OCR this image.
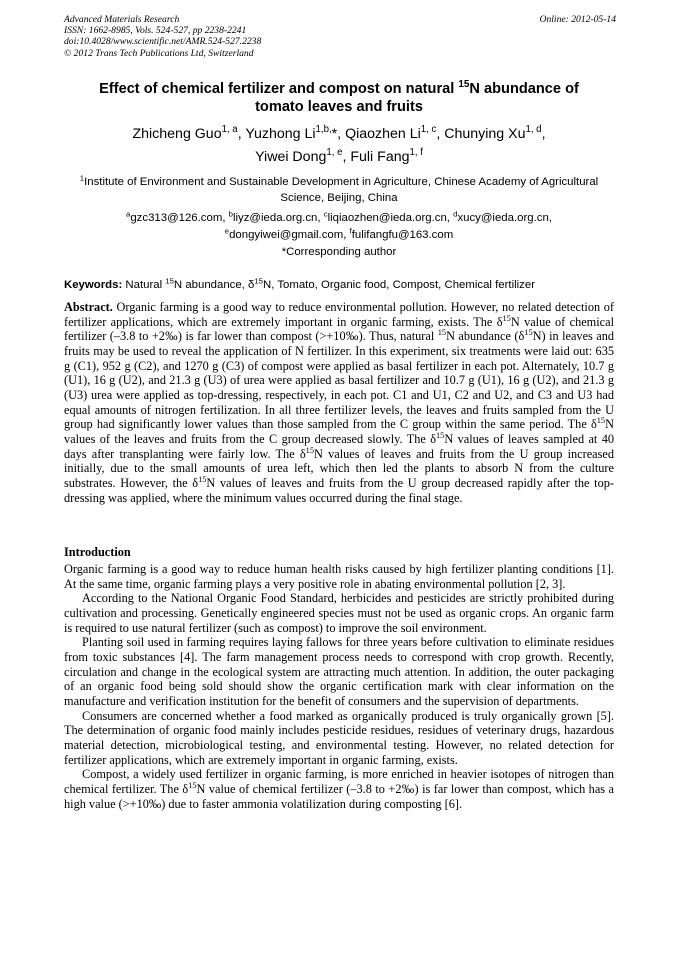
Advanced Materials Research
ISSN: 1662-8985, Vols. 524-527, pp 2238-2241
doi:10.4028/www.scientific.net/AMR.524-527.2238
© 2012 Trans Tech Publications Ltd, Switzerland
Online: 2012-05-14
Effect of chemical fertilizer and compost on natural $^{15}$N abundance of
tomato leaves and fruits
Zhicheng Guo$^{1, a}$, Yuzhong $Li^{1,b,}*$, Qiaozhen Li$^{1, c}$, Chunying Xu$^{1, d}$,
Yiwei Dong$^{1, e}$, Fuli Fang$^{1, f}$
$^1$Institute of Environment and Sustainable Development in Agriculture, Chinese Academy of Agricultural Science, Beijing, China
$^a$gzc313@126.com, $^b$liyz@ieda.org.cn, $^c$liqiaozhen@ieda.org.cn, $^d$xucy@ieda.org.cn,
$^e$dongyiwei@gmail.com, $^f$fulifangfu@163.com
*Corresponding author
Keywords: Natural $^{15}$N abundance, $\delta^{15}N$, Tomato, Organic food, Compost, Chemical fertilizer

Abstract. Organic farming is a good way to reduce environmental pollution. However, no related detection of fertilizer applications, which are extremely important in organic farming, exists. The $\delta^{15}N$ value of chemical fertilizer (–3.8 to +2‰) is far lower than compost (>+10‰). Thus, natural $^{15}$N abundance $(\delta^{15}N)$ in leaves and fruits may be used to reveal the application of N fertilizer. In this experiment, six treatments were laid out: 635 g (C1), 952 g (C2), and 1270 g (C3) of compost were applied as basal fertilizer in each pot. Alternately, 10.7 g (U1), 16 g (U2), and 21.3 g (U3) of urea were applied as basal fertilizer and 10.7 g (U1), 16 g (U2), and 21.3 g (U3) urea were applied as top-dressing, respectively, in each pot. C1 and U1, C2 and U2, and C3 and U3 had equal amounts of nitrogen fertilization. In all three fertilizer levels, the leaves and fruits sampled from the U group had significantly lower values than those sampled from the C group within the same period. The $\delta^{15}N$ values of the leaves and fruits from the C group decreased slowly. The $\delta^{15}N$ values of leaves sampled at 40 days after transplanting were fairly low. The $\delta^{15}N$ values of leaves and fruits from the U group increased initially, due to the small amounts of urea left, which then led the plants to absorb N from the culture substrates. However, the $\delta^{15}N$ values of leaves and fruits from the U group decreased rapidly after the top-dressing was applied, where the minimum values occurred during the final stage.

Introduction

Organic farming is a good way to reduce human health risks caused by high fertilizer planting conditions [1]. At the same time, organic farming plays a very positive role in abating environmental pollution [2, 3].

According to the National Organic Food Standard, herbicides and pesticides are strictly prohibited during cultivation and processing. Genetically engineered species must not be used as organic crops. An organic farm is required to use natural fertilizer (such as compost) to improve the soil environment.

Planting soil used in farming requires laying fallows for three years before cultivation to eliminate residues from toxic substances [4]. The farm management process needs to correspond with crop growth. Recently, circulation and change in the ecological system are attracting much attention. In addition, the outer packaging of an organic food being sold should show the organic certification mark with clear information on the manufacture and verification institution for the benefit of consumers and the supervision of departments.

Consumers are concerned whether a food marked as organically produced is truly organically grown [5]. The determination of organic food mainly includes pesticide residues, residues of veterinary drugs, hazardous material detection, microbiological testing, and environmental testing. However, no related detection for fertilizer applications, which are extremely important in organic farming, exists.

Compost, a widely used fertilizer in organic farming, is more enriched in heavier isotopes of nitrogen than chemical fertilizer. The $\delta^{15}N$ value of chemical fertilizer (–3.8 to +2‰) is far lower than compost, which has a high value (>+10‰) due to faster ammonia volatilization during composting [6].
